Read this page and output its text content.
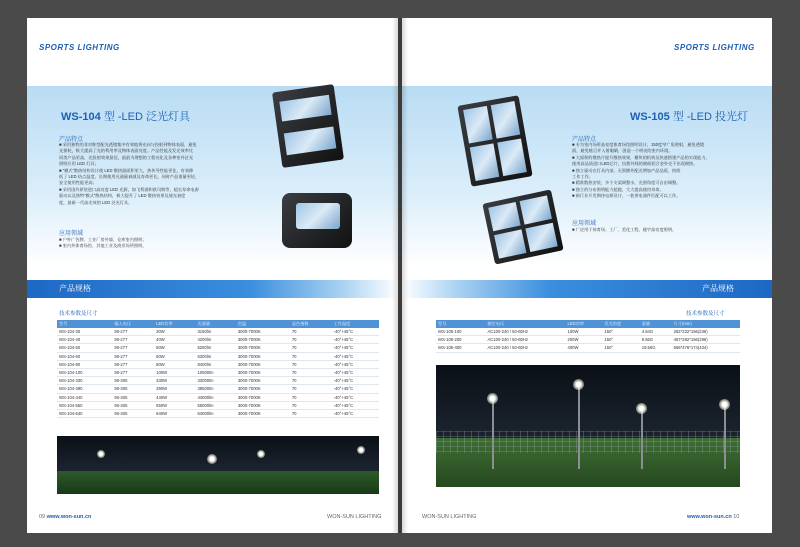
SPORTS LIGHTING
WS-104 型 -LED 泛光灯具
产品特点

■ 采用独特的非对称型配光透镜集中有效地将光向与投射到物体表面，避免

光损耗，极大提高了光的利用率及物体表面亮度。产品性能及发光效率比

同类产品更高，光投射效果最佳，最最为理想的工程亮化及各种室外泛光

照明应用 LED 灯具；

■ “模式”散热结构设计使 LED 散热器面积更大，热传导性能更佳，有效降

低了 LED 结点温度，长期使用光通量衰减及寿命更长，同时产品重量更轻，

安全使用性能更高；

■ 采用国外原装进口高亮度 LED 光源，如飞利浦和欧司朗等，超长寿命电源

驱动以及独特“模式”散热结构，极大提升了 LED 散热效果及使光衰度

度，最新一代高光效的 LED 泛光灯具。

应用领域

■ 户外广告牌、工业厂房外墙、仓库室内照明；

■ 室内外体育场馆、其他工业及商业场所照明。

产品规格
技术参数及尺寸
型号	输入电压	LED功率	光通量	色温	显色指数	工作温度
WS-104-30	90-277	30W	3150lm	3000-7000K	70	-40°+45°C
WS-104-40	90-277	40W	4200lm	3000-7000K	70	-40°+45°C
WS-104-50	90-277	50W	5250lm	3000-7000K	70	-40°+45°C
WS-104-60	90-277	60W	6300lm	3000-7000K	70	-40°+45°C
WS-104-80	90-277	80W	8400lm	3000-7000K	70	-40°+45°C
WS-104-100	90-277	100W	10500lm	3000-7000K	70	-40°+45°C
WS-104-330	90-305	330W	33000lm	3000-7000K	70	-40°+45°C
WS-104-390	90-305	390W	38500lm	3000-7000K	70	-40°+45°C
WS-104-440	90-305	440W	44000lm	3000-7000K	70	-40°+45°C
WS-104-550	90-305	550W	55000lm	3000-7000K	70	-40°+45°C
WS-104-640	90-305	640W	64000lm	3000-7000K	70	-40°+45°C
09 www.won-sun.cn	WON-SUN LIGHTING
SPORTS LIGHTING
WS-105 型 -LED 投光灯
产品特点

■ 专为室内场所高亮度体育场馆照明设计，150度窄广角照射，避免透镜

面，避免眩目并入射眼睛，创造一个明亮的室内环境。

■ 大面积的散热片提升散热效果，模块的机构及快速搭建产品的实现能力。

使用高品质进口LED芯片，抗紫外线的耐候铝合金外壳不出现腐蚀。

■ 独立驱动在灯具内部，无须额外配光增加产品品质，持续

工作工作。

■ 精准散热安装，多个支架调整水，光照角度可自由调整。

■ 独立的分布照明能力超越，大大提高使用寿命。

■ 新行业开发期待电源设计，一套供电器件匹配可以工作。

应用领域

■ 广泛用于体育场、工厂、美化工程、楼宇高亮度照明。

产品规格
技术参数及尺寸
型号	额定电压	LED功率	发光角度	重量	尺寸(mm)
WS-105-100	AC100-240 / 50-60Hz	100W	150°	4.84G	282*232*156(236)
WS-105-200	AC100-240 / 50-60Hz	200W	150°	9.56G	467*282*156(296)
WS-105-400	AC100-240 / 50-60Hz	400W	150°	19.56G	566*476*174(434)
WON-SUN LIGHTING	www.won-sun.cn 10
